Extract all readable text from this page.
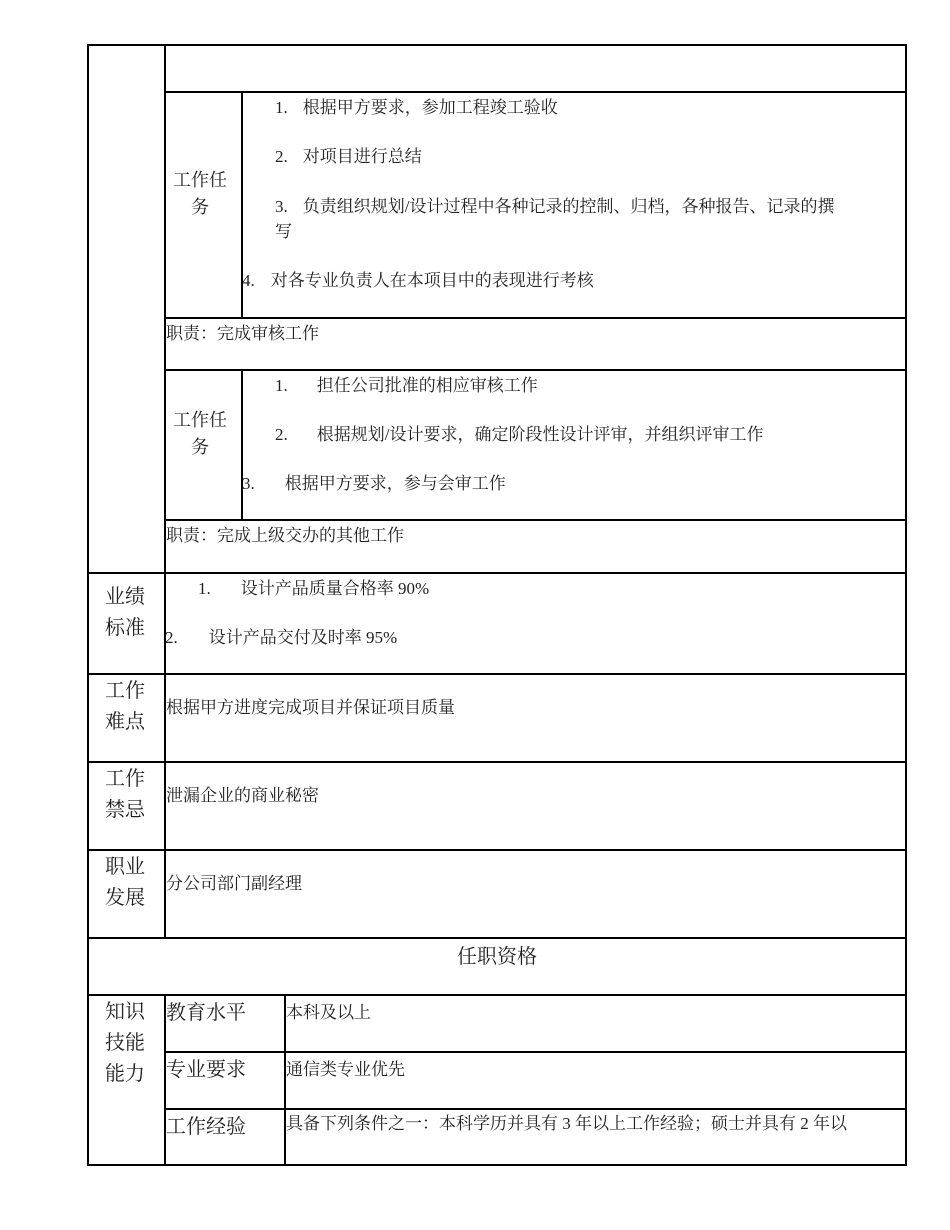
工作任务
1. 根据甲方要求，参加工程竣工验收
2. 对项目进行总结
3. 负责组织规划/设计过程中各种记录的控制、归档，各种报告、记录的撰
写
4. 对各专业负责人在本项目中的表现进行考核
职责：完成审核工作
工作任务
1. 担任公司批准的相应审核工作
2. 根据规划/设计要求，确定阶段性设计评审，并组织评审工作
3. 根据甲方要求，参与会审工作
职责：完成上级交办的其他工作
业绩标准
1. 设计产品质量合格率 90%
2. 设计产品交付及时率 95%
工作难点
根据甲方进度完成项目并保证项目质量
工作禁忌
泄漏企业的商业秘密
职业发展
分公司部门副经理
任职资格
知识技能能力
教育水平 本科及以上
专业要求 通信类专业优先
工作经验 具备下列条件之一：本科学历并具有 3 年以上工作经验；硕士并具有 2 年以
